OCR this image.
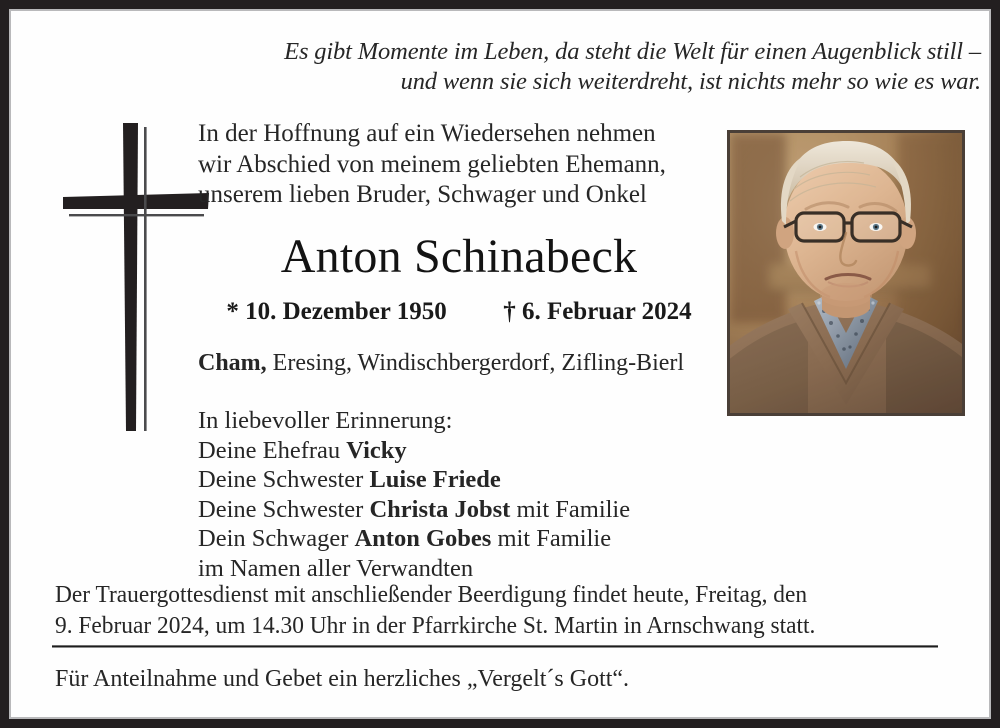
Es gibt Momente im Leben, da steht die Welt für einen Augenblick still –
und wenn sie sich weiterdreht, ist nichts mehr so wie es war.
In der Hoffnung auf ein Wiedersehen nehmen
wir Abschied von meinem geliebten Ehemann,
unserem lieben Bruder, Schwager und Onkel
Anton Schinabeck
* 10. Dezember 1950 † 6. Februar 2024
Cham, Eresing, Windischbergerdorf, Zifling-Bierl
In liebevoller Erinnerung:
Deine Ehefrau Vicky
Deine Schwester Luise Friede
Deine Schwester Christa Jobst mit Familie
Dein Schwager Anton Gobes mit Familie
im Namen aller Verwandten
Der Trauergottesdienst mit anschließender Beerdigung findet heute, Freitag, den
9. Februar 2024, um 14.30 Uhr in der Pfarrkirche St. Martin in Arnschwang statt.
Für Anteilnahme und Gebet ein herzliches „Vergelt´s Gott“.
